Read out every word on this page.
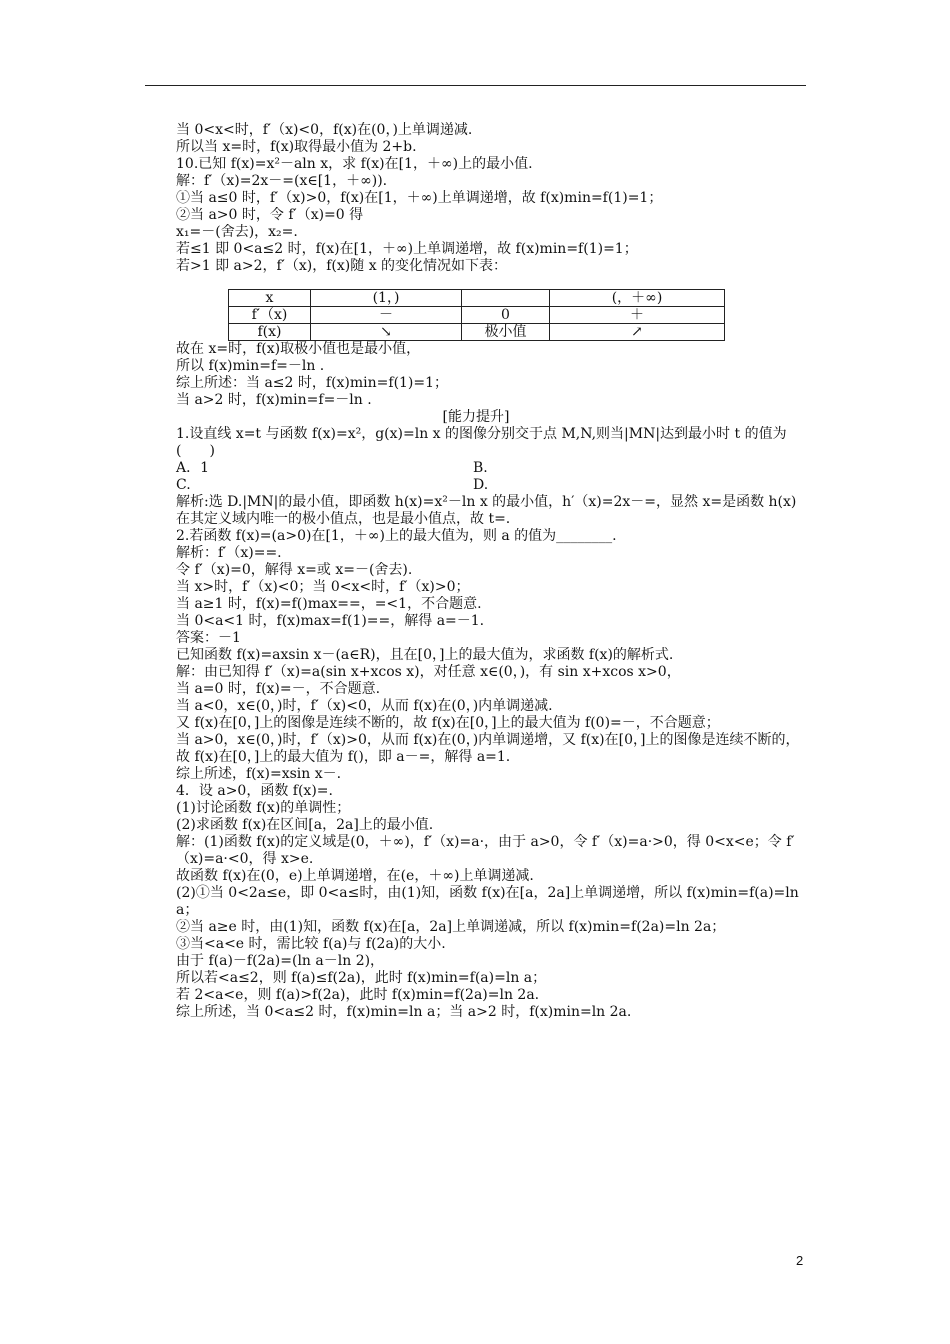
当 0<x<时，f′（x)<0，f(x)在(0，)上单调递减.
所以当 x=时，f(x)取得最小值为 2+b.
10.已知 f(x)=x²－aln x，求 f(x)在[1，＋∞)上的最小值.
解：f′（x)=2x－=(x∈[1，＋∞)).
①当 a≤0 时，f′（x)>0，f(x)在[1，＋∞)上单调递增，故 f(x)min=f(1)=1；
②当 a>0 时，令 f′（x)=0 得
x₁=－(舍去)，x₂=.
若≤1 即 0<a≤2 时，f(x)在[1，＋∞)上单调递增，故 f(x)min=f(1)=1；
若>1 即 a>2，f′（x)，f(x)随 x 的变化情况如下表：
x	(1，)		(，＋∞)
f′（x)	－	0	＋
f(x)	↘	极小值	↗
故在 x=时，f(x)取极小值也是最小值，
所以 f(x)min=f=－ln .
综上所述：当 a≤2 时，f(x)min=f(1)=1；
当 a>2 时，f(x)min=f=－ln .
[能力提升]
1.设直线 x=t 与函数 f(x)=x²，g(x)=ln x 的图像分别交于点 M,N,则当|MN|达到最小时 t 的值为(　　)
A．1	B.
C.	D.
解析:选 D.|MN|的最小值，即函数 h(x)=x²－ln x 的最小值，h′（x)=2x－=，显然 x=是函数 h(x)在其定义域内唯一的极小值点，也是最小值点，故 t=.
2.若函数 f(x)=(a>0)在[1，＋∞)上的最大值为，则 a 的值为________.
解析：f′（x)==.
令 f′（x)=0，解得 x=或 x=－(舍去).
当 x>时，f′（x)<0；当 0<x<时，f′（x)>0；
当 a≥1 时，f(x)=f()max==，=<1，不合题意.
当 0<a<1 时，f(x)max=f(1)==，解得 a=－1.
答案：－1
已知函数 f(x)=axsin x－(a∈R)，且在[0，]上的最大值为，求函数 f(x)的解析式.
解：由已知得 f′（x)=a(sin x+xcos x)，对任意 x∈(0，)，有 sin x+xcos x>0，
当 a=0 时，f(x)=－，不合题意.
当 a<0，x∈(0，)时，f′（x)<0，从而 f(x)在(0，)内单调递减.
又 f(x)在[0，]上的图像是连续不断的，故 f(x)在[0，]上的最大值为 f(0)=－，不合题意；
当 a>0，x∈(0，)时，f′（x)>0，从而 f(x)在(0，)内单调递增，又 f(x)在[0，]上的图像是连续不断的，故 f(x)在[0，]上的最大值为 f()，即 a－=，解得 a=1.
综上所述，f(x)=xsin x－.
4．设 a>0，函数 f(x)=.
(1)讨论函数 f(x)的单调性；
(2)求函数 f(x)在区间[a，2a]上的最小值.
解：(1)函数 f(x)的定义域是(0，＋∞)，f′（x)=a·，由于 a>0，令 f′（x)=a·>0，得 0<x<e；令 f′（x)=a·<0，得 x>e.
故函数 f(x)在(0，e)上单调递增，在(e，＋∞)上单调递减.
(2)①当 0<2a≤e，即 0<a≤时，由(1)知，函数 f(x)在[a，2a]上单调递增，所以 f(x)min=f(a)=ln a；
②当 a≥e 时，由(1)知，函数 f(x)在[a，2a]上单调递减，所以 f(x)min=f(2a)=ln 2a；
③当<a<e 时，需比较 f(a)与 f(2a)的大小.
由于 f(a)－f(2a)=(ln a－ln 2)，
所以若<a≤2，则 f(a)≤f(2a)，此时 f(x)min=f(a)=ln a；
若 2<a<e，则 f(a)>f(2a)，此时 f(x)min=f(2a)=ln 2a.
综上所述，当 0<a≤2 时，f(x)min=ln a；当 a>2 时，f(x)min=ln 2a.
2
